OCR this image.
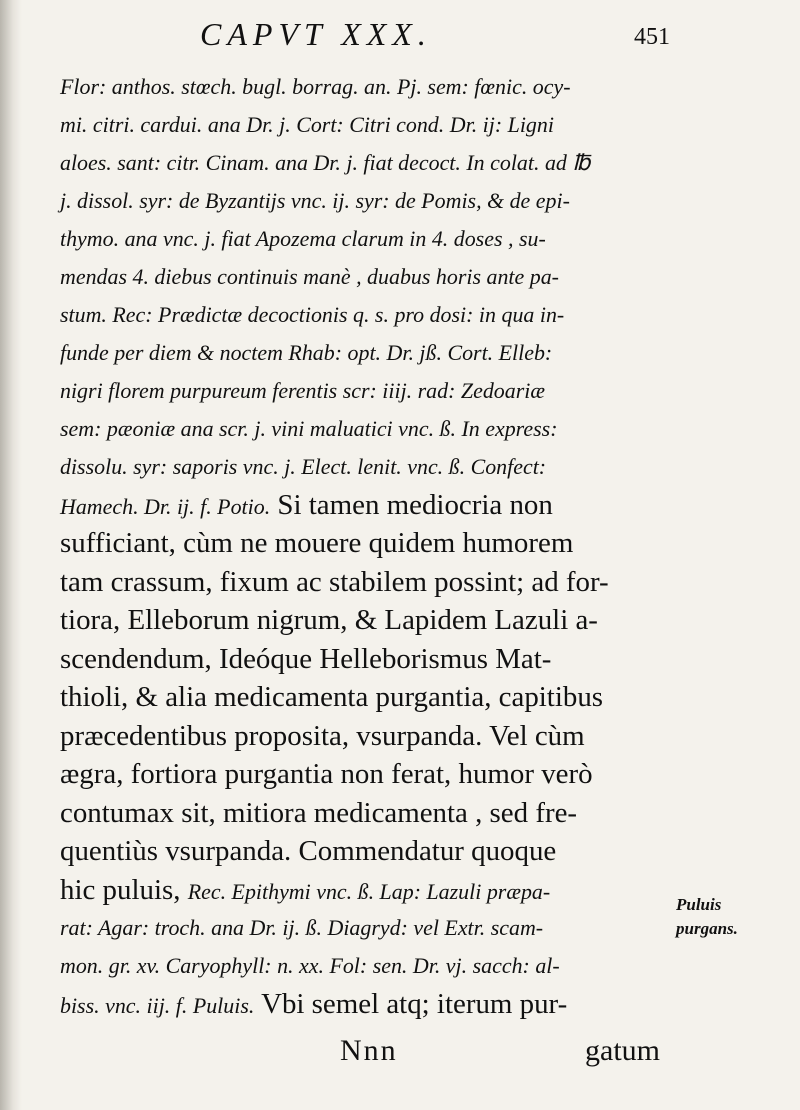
CAPVT XXX.	451
Flor: anthos. stœch. bugl. borrag. an. Pj. sem: fœnic. ocy-
mi. citri. cardui. ana Dr. j. Cort: Citri cond. Dr. ij: Ligni
aloes. sant: citr. Cinam. ana Dr. j. fiat decoct. In colat. ad ℔
j. dissol. syr: de Byzantijs vnc. ij. syr: de Pomis, & de epi-
thymo. ana vnc. j. fiat Apozema clarum in 4. doses , su-
mendas 4. diebus continuis manè , duabus horis ante pa-
stum. Rec: Prædictæ decoctionis q. s. pro dosi: in qua in-
funde per diem & noctem Rhab: opt. Dr. jß. Cort. Elleb:
nigri florem purpureum ferentis scr: iiij. rad: Zedoariæ
sem: pæoniæ ana scr. j. vini maluatici vnc. ß. In express:
dissolu. syr: saporis vnc. j. Elect. lenit. vnc. ß. Confect:
Hamech. Dr. ij. f. Potio. Si tamen mediocria non
sufficiant, cùm ne mouere quidem humorem
tam crassum, fixum ac stabilem possint; ad for-
tiora, Elleborum nigrum, & Lapidem Lazuli a-
scendendum, Ideóque Helleborismus Mat-
thioli, & alia medicamenta purgantia, capitibus
præcedentibus proposita, vsurpanda. Vel cùm
ægra, fortiora purgantia non ferat, humor verò
contumax sit, mitiora medicamenta , sed fre-
quentiùs vsurpanda. Commendatur quoque
hic puluis, Rec. Epithymi vnc. ß. Lap: Lazuli præpa-
rat: Agar: troch. ana Dr. ij. ß. Diagryd: vel Extr. scam-
mon. gr. xv. Caryophyll: n. xx. Fol: sen. Dr. vj. sacch: al-
biss. vnc. iij. f. Puluis. Vbi semel atq; iterum pur-
Puluis
purgans.
Nnn	gatum
